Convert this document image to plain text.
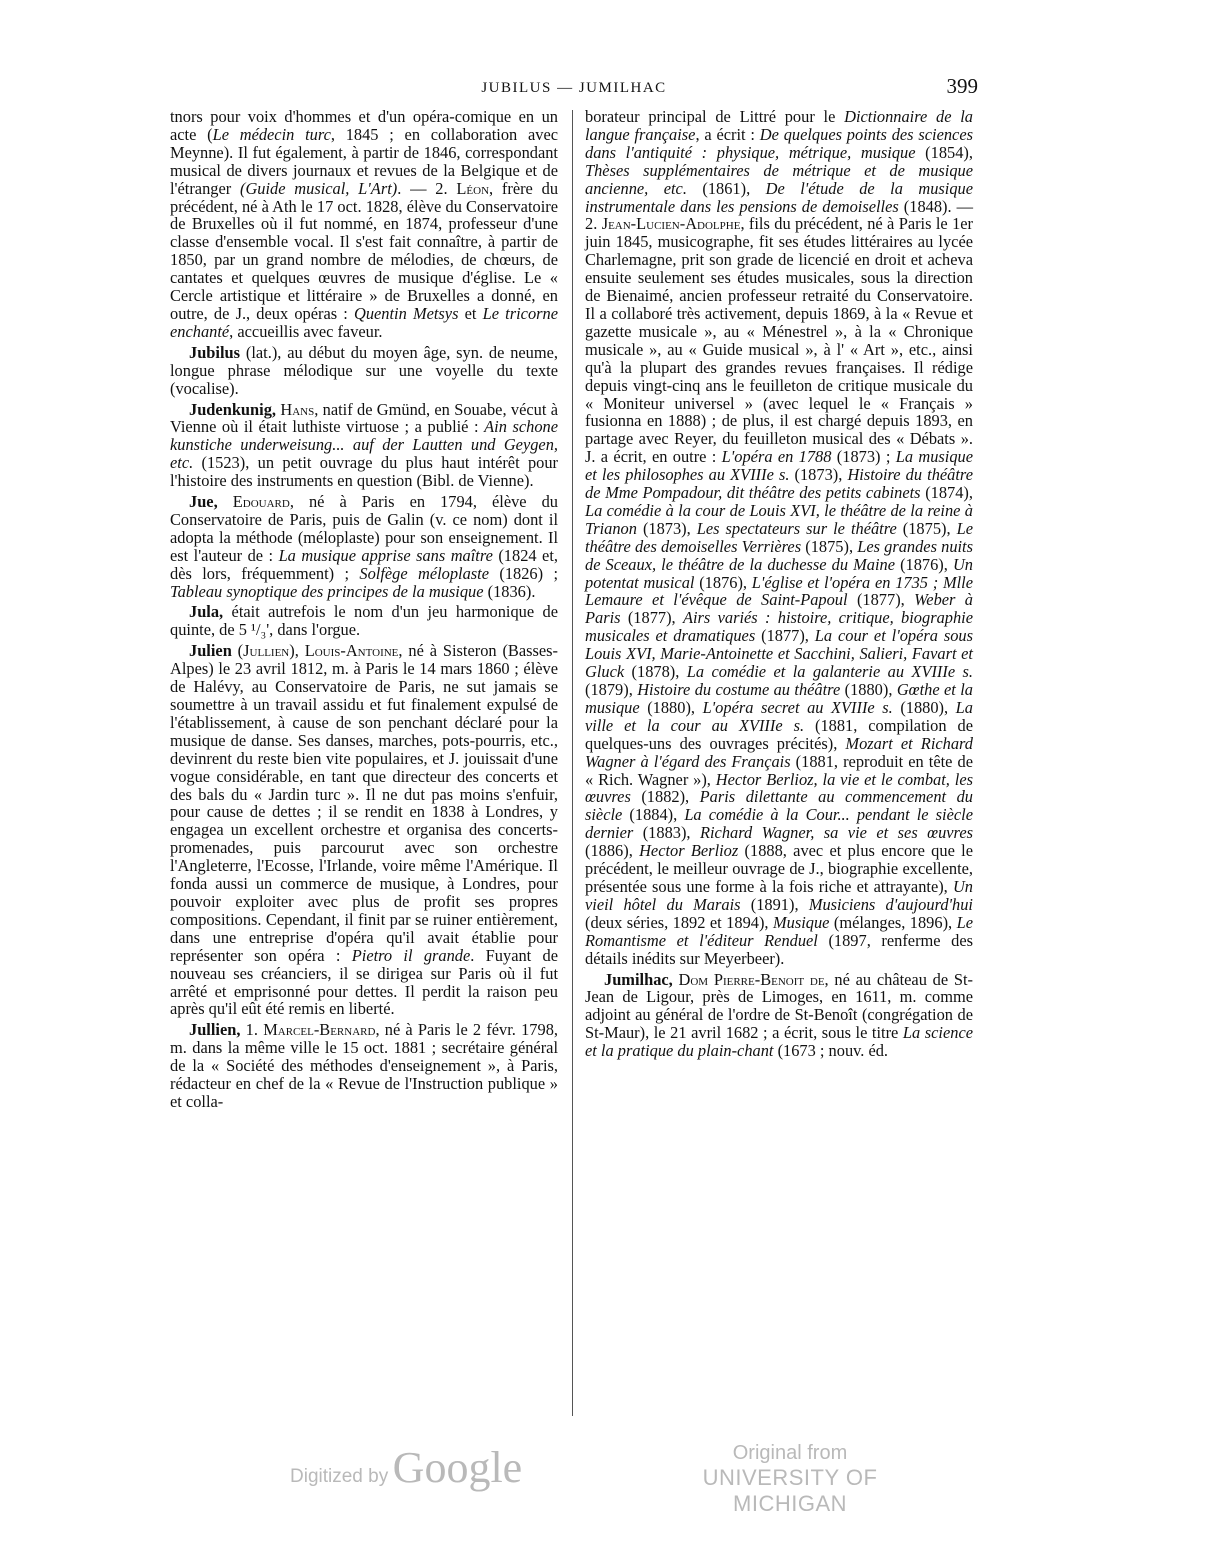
JUBILUS — JUMILHAC	399

tnors pour voix d'hommes et d'un opéra-comique en un acte (Le médecin turc, 1845 ; en collaboration avec Meynne). Il fut également, à partir de 1846, correspondant musical de divers journaux et revues de la Belgique et de l'étranger (Guide musical, L'Art). — 2. Léon, frère du précédent, né à Ath le 17 oct. 1828, élève du Conservatoire de Bruxelles où il fut nommé, en 1874, professeur d'une classe d'ensemble vocal. Il s'est fait connaître, à partir de 1850, par un grand nombre de mélodies, de chœurs, de cantates et quelques œuvres de musique d'église. Le « Cercle artistique et littéraire » de Bruxelles a donné, en outre, de J., deux opéras : Quentin Metsys et Le tricorne enchanté, accueillis avec faveur.

Jubilus (lat.), au début du moyen âge, syn. de neume, longue phrase mélodique sur une voyelle du texte (vocalise).

Judenkunig, Hans, natif de Gmünd, en Souabe, vécut à Vienne où il était luthiste virtuose ; a publié : Ain schone kunstiche underweisung... auf der Lautten und Geygen, etc. (1523), un petit ouvrage du plus haut intérêt pour l'histoire des instruments en question (Bibl. de Vienne).

Jue, Edouard, né à Paris en 1794, élève du Conservatoire de Paris, puis de Galin (v. ce nom) dont il adopta la méthode (méloplaste) pour son enseignement. Il est l'auteur de : La musique apprise sans maître (1824 et, dès lors, fréquemment) ; Solfège méloplaste (1826) ; Tableau synoptique des principes de la musique (1836).

Jula, était autrefois le nom d'un jeu harmonique de quinte, de 5 ¹/₃', dans l'orgue.

Julien (Jullien), Louis-Antoine, né à Sisteron (Basses-Alpes) le 23 avril 1812, m. à Paris le 14 mars 1860 ; élève de Halévy, au Conservatoire de Paris, ne sut jamais se soumettre à un travail assidu et fut finalement expulsé de l'établissement, à cause de son penchant déclaré pour la musique de danse. Ses danses, marches, pots-pourris, etc., devinrent du reste bien vite populaires, et J. jouissait d'une vogue considérable, en tant que directeur des concerts et des bals du « Jardin turc ». Il ne dut pas moins s'enfuir, pour cause de dettes ; il se rendit en 1838 à Londres, y engagea un excellent orchestre et organisa des concerts-promenades, puis parcourut avec son orchestre l'Angleterre, l'Ecosse, l'Irlande, voire même l'Amérique. Il fonda aussi un commerce de musique, à Londres, pour pouvoir exploiter avec plus de profit ses propres compositions. Cependant, il finit par se ruiner entièrement, dans une entreprise d'opéra qu'il avait établie pour représenter son opéra : Pietro il grande. Fuyant de nouveau ses créanciers, il se dirigea sur Paris où il fut arrêté et emprisonné pour dettes. Il perdit la raison peu après qu'il eût été remis en liberté.

Jullien, 1. Marcel-Bernard, né à Paris le 2 févr. 1798, m. dans la même ville le 15 oct. 1881 ; secrétaire général de la « Société des méthodes d'enseignement », à Paris, rédacteur en chef de la « Revue de l'Instruction publique » et colla-

borateur principal de Littré pour le Dictionnaire de la langue française, a écrit : De quelques points des sciences dans l'antiquité : physique, métrique, musique (1854), Thèses supplémentaires de métrique et de musique ancienne, etc. (1861), De l'étude de la musique instrumentale dans les pensions de demoiselles (1848). — 2. Jean-Lucien-Adolphe, fils du précédent, né à Paris le 1er juin 1845, musicographe, fit ses études littéraires au lycée Charlemagne, prit son grade de licencié en droit et acheva ensuite seulement ses études musicales, sous la direction de Bienaimé, ancien professeur retraité du Conservatoire. Il a collaboré très activement, depuis 1869, à la « Revue et gazette musicale », au « Ménestrel », à la « Chronique musicale », au « Guide musical », à l' « Art », etc., ainsi qu'à la plupart des grandes revues françaises. Il rédige depuis vingt-cinq ans le feuilleton de critique musicale du « Moniteur universel » (avec lequel le « Français » fusionna en 1888) ; de plus, il est chargé depuis 1893, en partage avec Reyer, du feuilleton musical des « Débats ». J. a écrit, en outre : L'opéra en 1788 (1873) ; La musique et les philosophes au XVIIIe s. (1873), Histoire du théâtre de Mme Pompadour, dit théâtre des petits cabinets (1874), La comédie à la cour de Louis XVI, le théâtre de la reine à Trianon (1873), Les spectateurs sur le théâtre (1875), Le théâtre des demoiselles Verrières (1875), Les grandes nuits de Sceaux, le théâtre de la duchesse du Maine (1876), Un potentat musical (1876), L'église et l'opéra en 1735 ; Mlle Lemaure et l'évêque de Saint-Papoul (1877), Weber à Paris (1877), Airs variés : histoire, critique, biographie musicales et dramatiques (1877), La cour et l'opéra sous Louis XVI, Marie-Antoinette et Sacchini, Salieri, Favart et Gluck (1878), La comédie et la galanterie au XVIIIe s. (1879), Histoire du costume au théâtre (1880), Gœthe et la musique (1880), L'opéra secret au XVIIIe s. (1880), La ville et la cour au XVIIIe s. (1881, compilation de quelques-uns des ouvrages précités), Mozart et Richard Wagner à l'égard des Français (1881, reproduit en tête de « Rich. Wagner »), Hector Berlioz, la vie et le combat, les œuvres (1882), Paris dilettante au commencement du siècle (1884), La comédie à la Cour... pendant le siècle dernier (1883), Richard Wagner, sa vie et ses œuvres (1886), Hector Berlioz (1888, avec et plus encore que le précédent, le meilleur ouvrage de J., biographie excellente, présentée sous une forme à la fois riche et attrayante), Un vieil hôtel du Marais (1891), Musiciens d'aujourd'hui (deux séries, 1892 et 1894), Musique (mélanges, 1896), Le Romantisme et l'éditeur Renduel (1897, renferme des détails inédits sur Meyerbeer).

Jumilhac, Dom Pierre-Benoit de, né au château de St-Jean de Ligour, près de Limoges, en 1611, m. comme adjoint au général de l'ordre de St-Benoît (congrégation de St-Maur), le 21 avril 1682 ; a écrit, sous le titre La science et la pratique du plain-chant (1673 ; nouv. éd.

Digitized by Google	Original from
UNIVERSITY OF MICHIGAN
